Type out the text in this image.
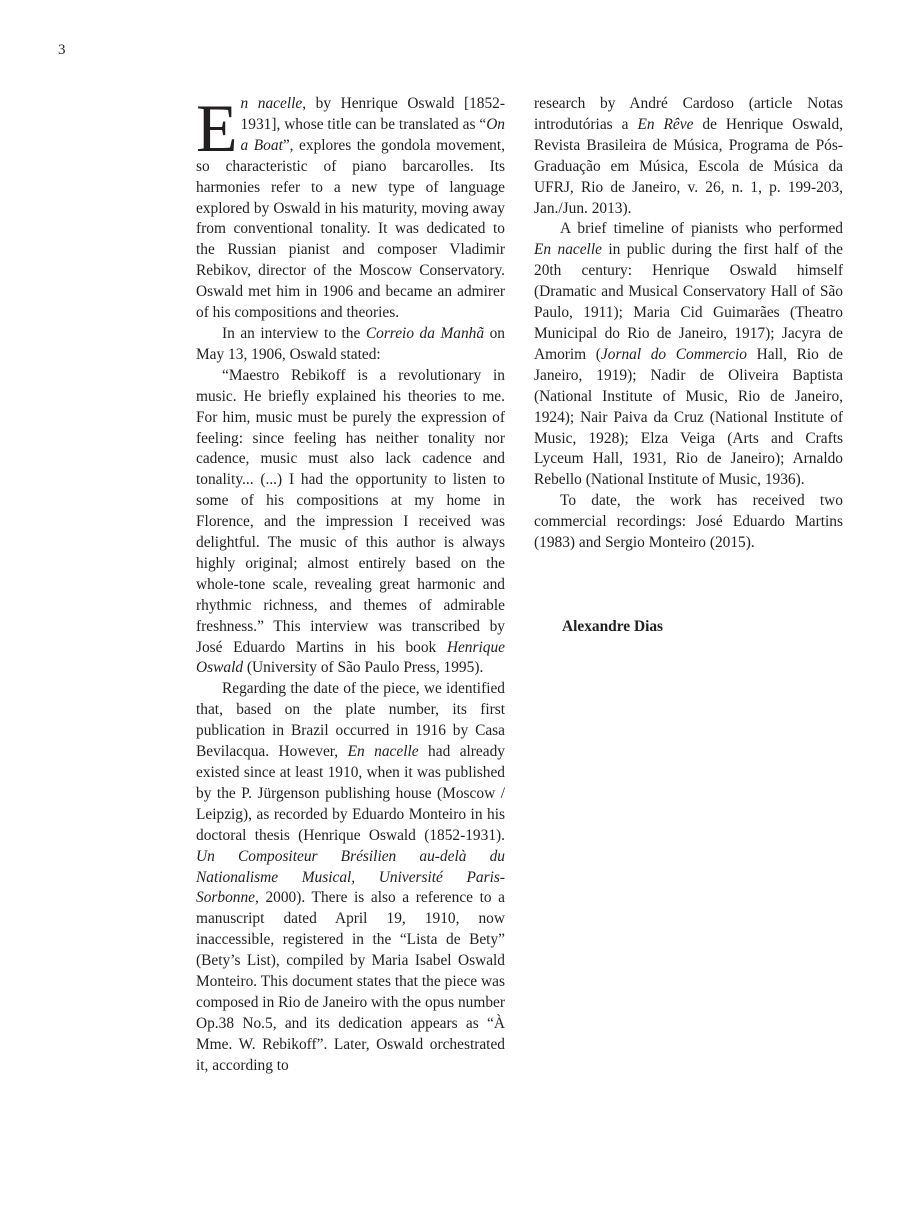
3

En nacelle, by Henrique Oswald [1852-1931], whose title can be translated as “On a Boat”, explores the gondola movement, so characteristic of piano barcarolles. Its harmonies refer to a new type of language explored by Oswald in his maturity, moving away from conventional tonality. It was dedicated to the Russian pianist and composer Vladimir Rebikov, director of the Moscow Conservatory. Oswald met him in 1906 and became an admirer of his compositions and theories.

In an interview to the Correio da Manhã on May 13, 1906, Oswald stated:

“Maestro Rebikoff is a revolutionary in music. He briefly explained his theories to me. For him, music must be purely the expression of feeling: since feeling has neither tonality nor cadence, music must also lack cadence and tonality... (...) I had the opportunity to listen to some of his compositions at my home in Florence, and the impression I received was delightful. The music of this author is always highly original; almost entirely based on the whole-tone scale, revealing great harmonic and rhythmic richness, and themes of admirable freshness.” This interview was transcribed by José Eduardo Martins in his book Henrique Oswald (University of São Paulo Press, 1995).

Regarding the date of the piece, we identified that, based on the plate number, its first publication in Brazil occurred in 1916 by Casa Bevilacqua. However, En nacelle had already existed since at least 1910, when it was published by the P. Jürgenson publishing house (Moscow / Leipzig), as recorded by Eduardo Monteiro in his doctoral thesis (Henrique Oswald (1852-1931). Un Compositeur Brésilien au-delà du Nationalisme Musical, Université Paris-Sorbonne, 2000). There is also a reference to a manuscript dated April 19, 1910, now inaccessible, registered in the “Lista de Bety” (Bety’s List), compiled by Maria Isabel Oswald Monteiro. This document states that the piece was composed in Rio de Janeiro with the opus number Op.38 No.5, and its dedication appears as “À Mme. W. Rebikoff”. Later, Oswald orchestrated it, according to

research by André Cardoso (article Notas introdutórias a En Rêve de Henrique Oswald, Revista Brasileira de Música, Programa de Pós-Graduação em Música, Escola de Música da UFRJ, Rio de Janeiro, v. 26, n. 1, p. 199-203, Jan./Jun. 2013).

A brief timeline of pianists who performed En nacelle in public during the first half of the 20th century: Henrique Oswald himself (Dramatic and Musical Conservatory Hall of São Paulo, 1911); Maria Cid Guimarães (Theatro Municipal do Rio de Janeiro, 1917); Jacyra de Amorim (Jornal do Commercio Hall, Rio de Janeiro, 1919); Nadir de Oliveira Baptista (National Institute of Music, Rio de Janeiro, 1924); Nair Paiva da Cruz (National Institute of Music, 1928); Elza Veiga (Arts and Crafts Lyceum Hall, 1931, Rio de Janeiro); Arnaldo Rebello (National Institute of Music, 1936).

To date, the work has received two commercial recordings: José Eduardo Martins (1983) and Sergio Monteiro (2015).

Alexandre Dias
